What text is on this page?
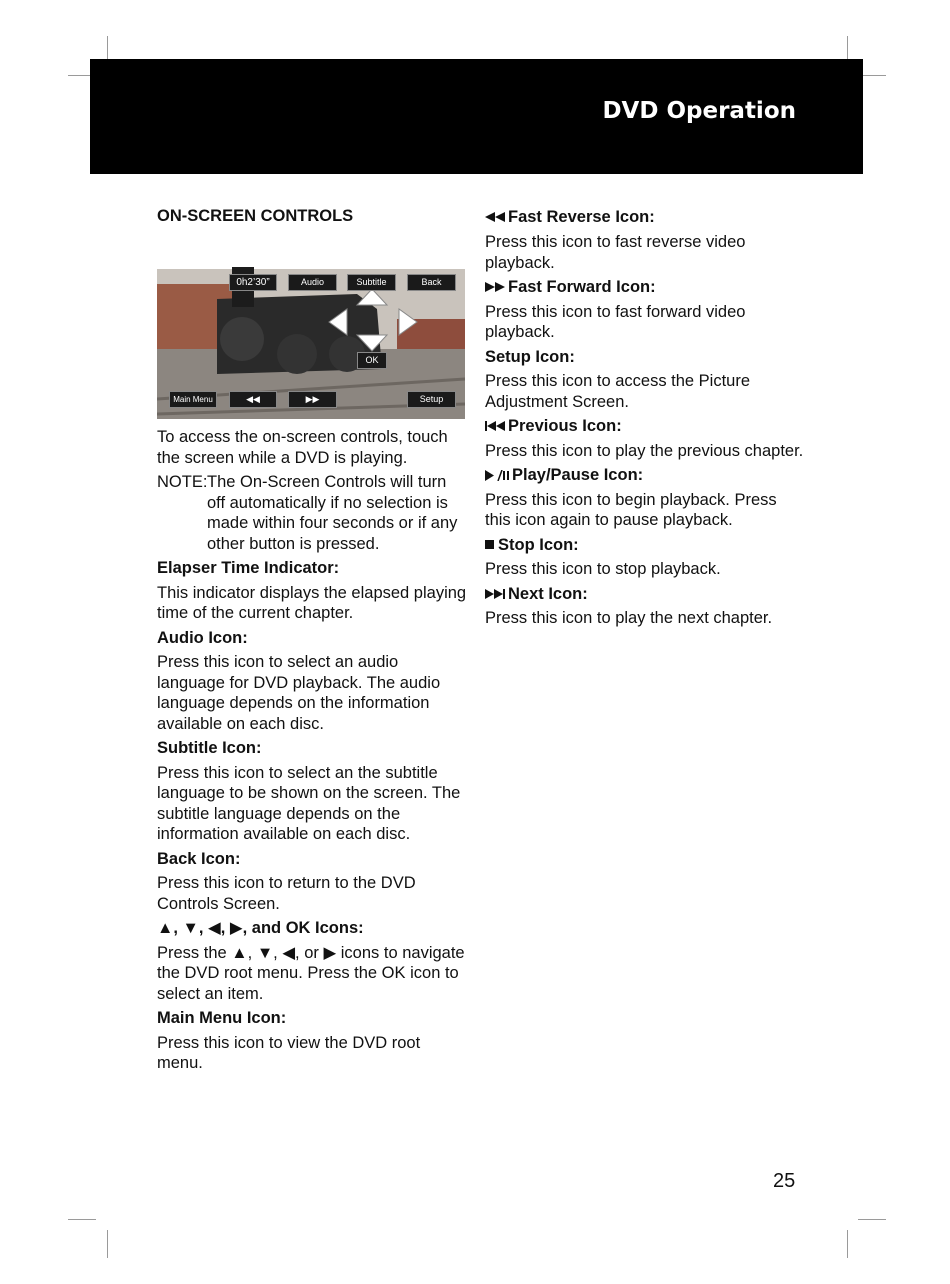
DVD Operation
ON-SCREEN CONTROLS
0h2’30”	Audio	Subtitle	Back
OK
Main Menu	◀◀	▶▶	Setup
To access the on-screen controls, touch the screen while a DVD is playing.
NOTE: The On-Screen Controls will turn off automatically if no selection is made within four seconds or if any other button is pressed.
Elapser Time Indicator:
This indicator displays the elapsed playing time of the current chapter.
Audio Icon:
Press this icon to select an audio language for DVD playback. The audio language depends on the information available on each disc.
Subtitle Icon:
Press this icon to select an the subtitle language to be shown on the screen. The subtitle language depends on the information available on each disc.
Back Icon:
Press this icon to return to the DVD Controls Screen.
▲ , ▼ , ◀ , ▶ , and OK Icons:
Press the ▲, ▼, ◀, or ▶ icons to navigate the DVD root menu. Press the OK icon to select an item.
Main Menu Icon:
Press this icon to view the DVD root menu.
Fast Reverse Icon:
Press this icon to fast reverse video playback.
Fast Forward Icon:
Press this icon to fast forward video playback.
Setup Icon:
Press this icon to access the Picture Adjustment Screen.
Previous Icon:
Press this icon to play the previous chapter.
Play/Pause Icon:
Press this icon to begin playback. Press this icon again to pause playback.
Stop Icon:
Press this icon to stop playback.
Next Icon:
Press this icon to play the next chapter.
25
